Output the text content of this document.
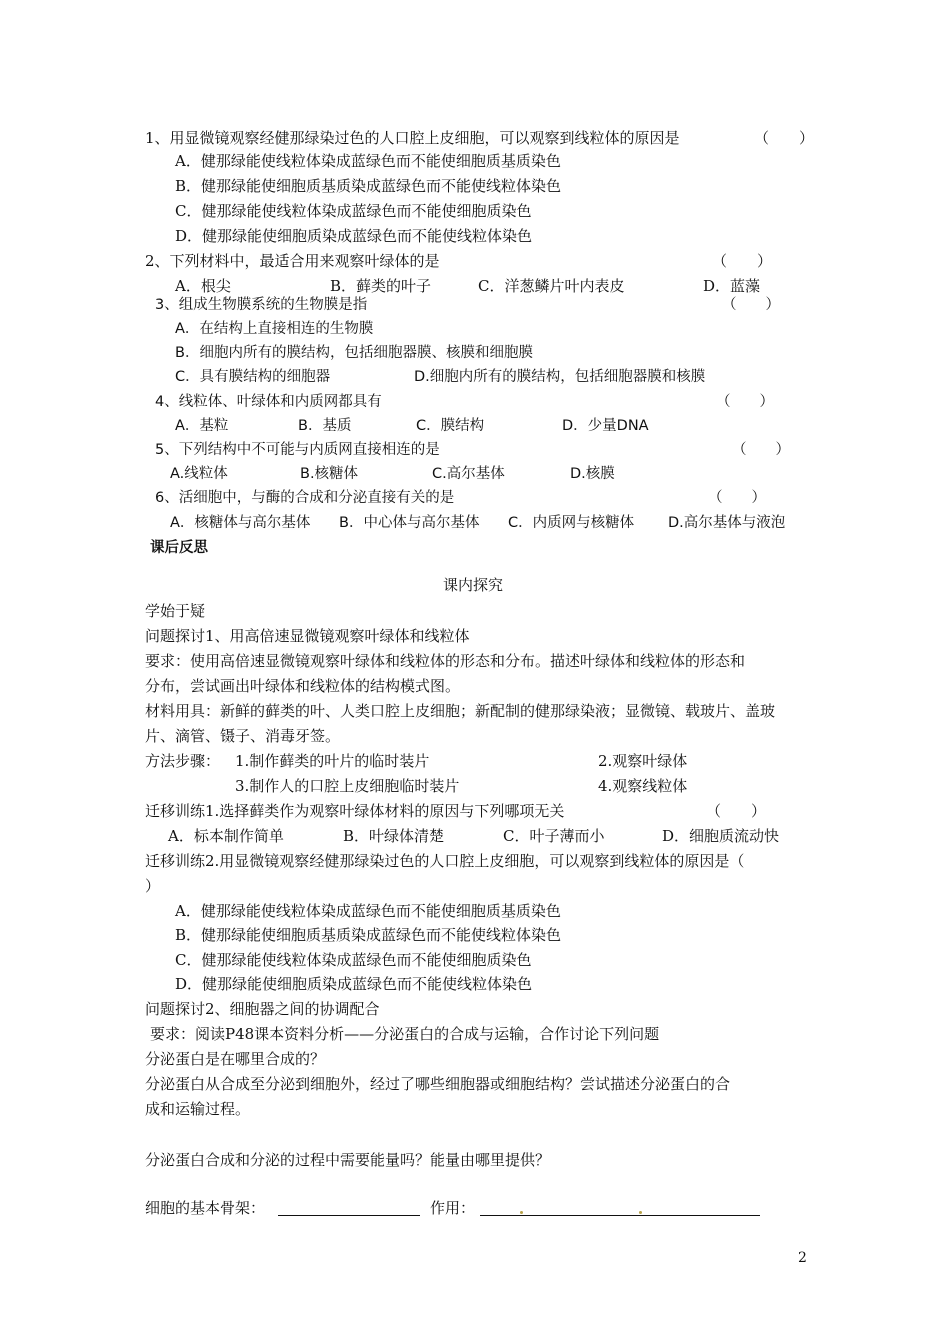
1、用显微镜观察经健那绿染过色的人口腔上皮细胞，可以观察到线粒体的原因是	（　　）
A．健那绿能使线粒体染成蓝绿色而不能使细胞质基质染色
B．健那绿能使细胞质基质染成蓝绿色而不能使线粒体染色
C．健那绿能使线粒体染成蓝绿色而不能使细胞质染色
D．健那绿能使细胞质染成蓝绿色而不能使线粒体染色
2、下列材料中，最适合用来观察叶绿体的是	（　　）
A．根尖	B．藓类的叶子	C．洋葱鳞片叶内表皮	D．蓝藻
3、组成生物膜系统的生物膜是指	（　　）
A．在结构上直接相连的生物膜
B．细胞内所有的膜结构，包括细胞器膜、核膜和细胞膜
C．具有膜结构的细胞器	D.细胞内所有的膜结构，包括细胞器膜和核膜
4、线粒体、叶绿体和内质网都具有	（　　）
A．基粒	B．基质	C．膜结构	D．少量DNA
5、下列结构中不可能与内质网直接相连的是	（　　）
A.线粒体	B.核糖体	C.高尔基体	D.核膜
6、活细胞中，与酶的合成和分泌直接有关的是	（　　）
A．核糖体与高尔基体 B．中心体与高尔基体 C．内质网与核糖体 D.高尔基体与液泡
课后反思
课内探究
学始于疑
问题探讨1、用高倍速显微镜观察叶绿体和线粒体
要求：使用高倍速显微镜观察叶绿体和线粒体的形态和分布。描述叶绿体和线粒体的形态和
分布，尝试画出叶绿体和线粒体的结构模式图。
材料用具：新鲜的藓类的叶、人类口腔上皮细胞；新配制的健那绿染液；显微镜、载玻片、盖玻
片、滴管、镊子、消毒牙签。
方法步骤： 1.制作藓类的叶片的临时装片	2.观察叶绿体
3.制作人的口腔上皮细胞临时装片	4.观察线粒体
迁移训练1.选择藓类作为观察叶绿体材料的原因与下列哪项无关	（　　）
A．标本制作简单	B．叶绿体清楚	C．叶子薄而小	D．细胞质流动快
迁移训练2.用显微镜观察经健那绿染过色的人口腔上皮细胞，可以观察到线粒体的原因是（
）
A．健那绿能使线粒体染成蓝绿色而不能使细胞质基质染色
B．健那绿能使细胞质基质染成蓝绿色而不能使线粒体染色
C．健那绿能使线粒体染成蓝绿色而不能使细胞质染色
D．健那绿能使细胞质染成蓝绿色而不能使线粒体染色
问题探讨2、细胞器之间的协调配合
要求：阅读P48课本资料分析——分泌蛋白的合成与运输，合作讨论下列问题
分泌蛋白是在哪里合成的？
分泌蛋白从合成至分泌到细胞外，经过了哪些细胞器或细胞结构？尝试描述分泌蛋白的合
成和运输过程。
分泌蛋白合成和分泌的过程中需要能量吗？能量由哪里提供？
细胞的基本骨架：	作用：
2
